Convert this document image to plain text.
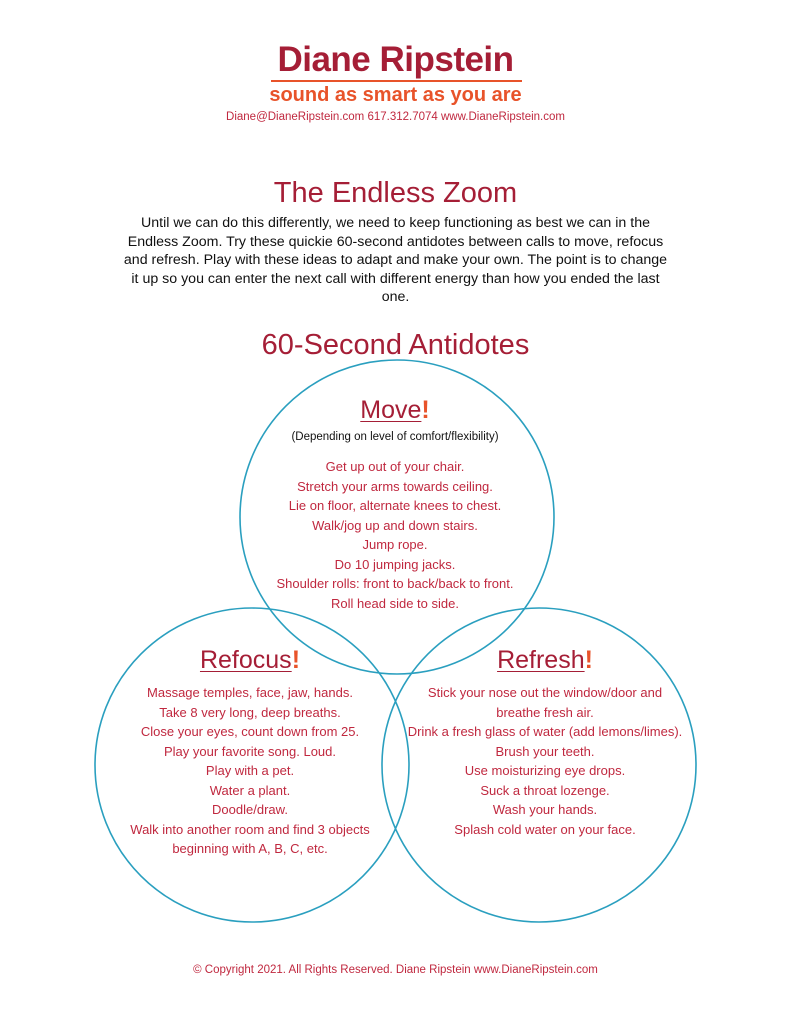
Diane Ripstein
sound as smart as you are
Diane@DianeRipstein.com 617.312.7074 www.DianeRipstein.com
The Endless Zoom
Until we can do this differently, we need to keep functioning as best we can in the Endless Zoom. Try these quickie 60-second antidotes between calls to move, refocus and refresh. Play with these ideas to adapt and make your own. The point is to change it up so you can enter the next call with different energy than how you ended the last one.
60-Second Antidotes
Move!
(Depending on level of comfort/flexibility)
Get up out of your chair.
Stretch your arms towards ceiling.
Lie on floor, alternate knees to chest.
Walk/jog up and down stairs.
Jump rope.
Do 10 jumping jacks.
Shoulder rolls: front to back/back to front.
Roll head side to side.
Refocus!
Massage temples, face, jaw, hands.
Take 8 very long, deep breaths.
Close your eyes, count down from 25.
Play your favorite song. Loud.
Play with a pet.
Water a plant.
Doodle/draw.
Walk into another room and find 3 objects beginning with A, B, C, etc.
Refresh!
Stick your nose out the window/door and breathe fresh air.
Drink a fresh glass of water (add lemons/limes).
Brush your teeth.
Use moisturizing eye drops.
Suck a throat lozenge.
Wash your hands.
Splash cold water on your face.
© Copyright 2021. All Rights Reserved. Diane Ripstein www.DianeRipstein.com
